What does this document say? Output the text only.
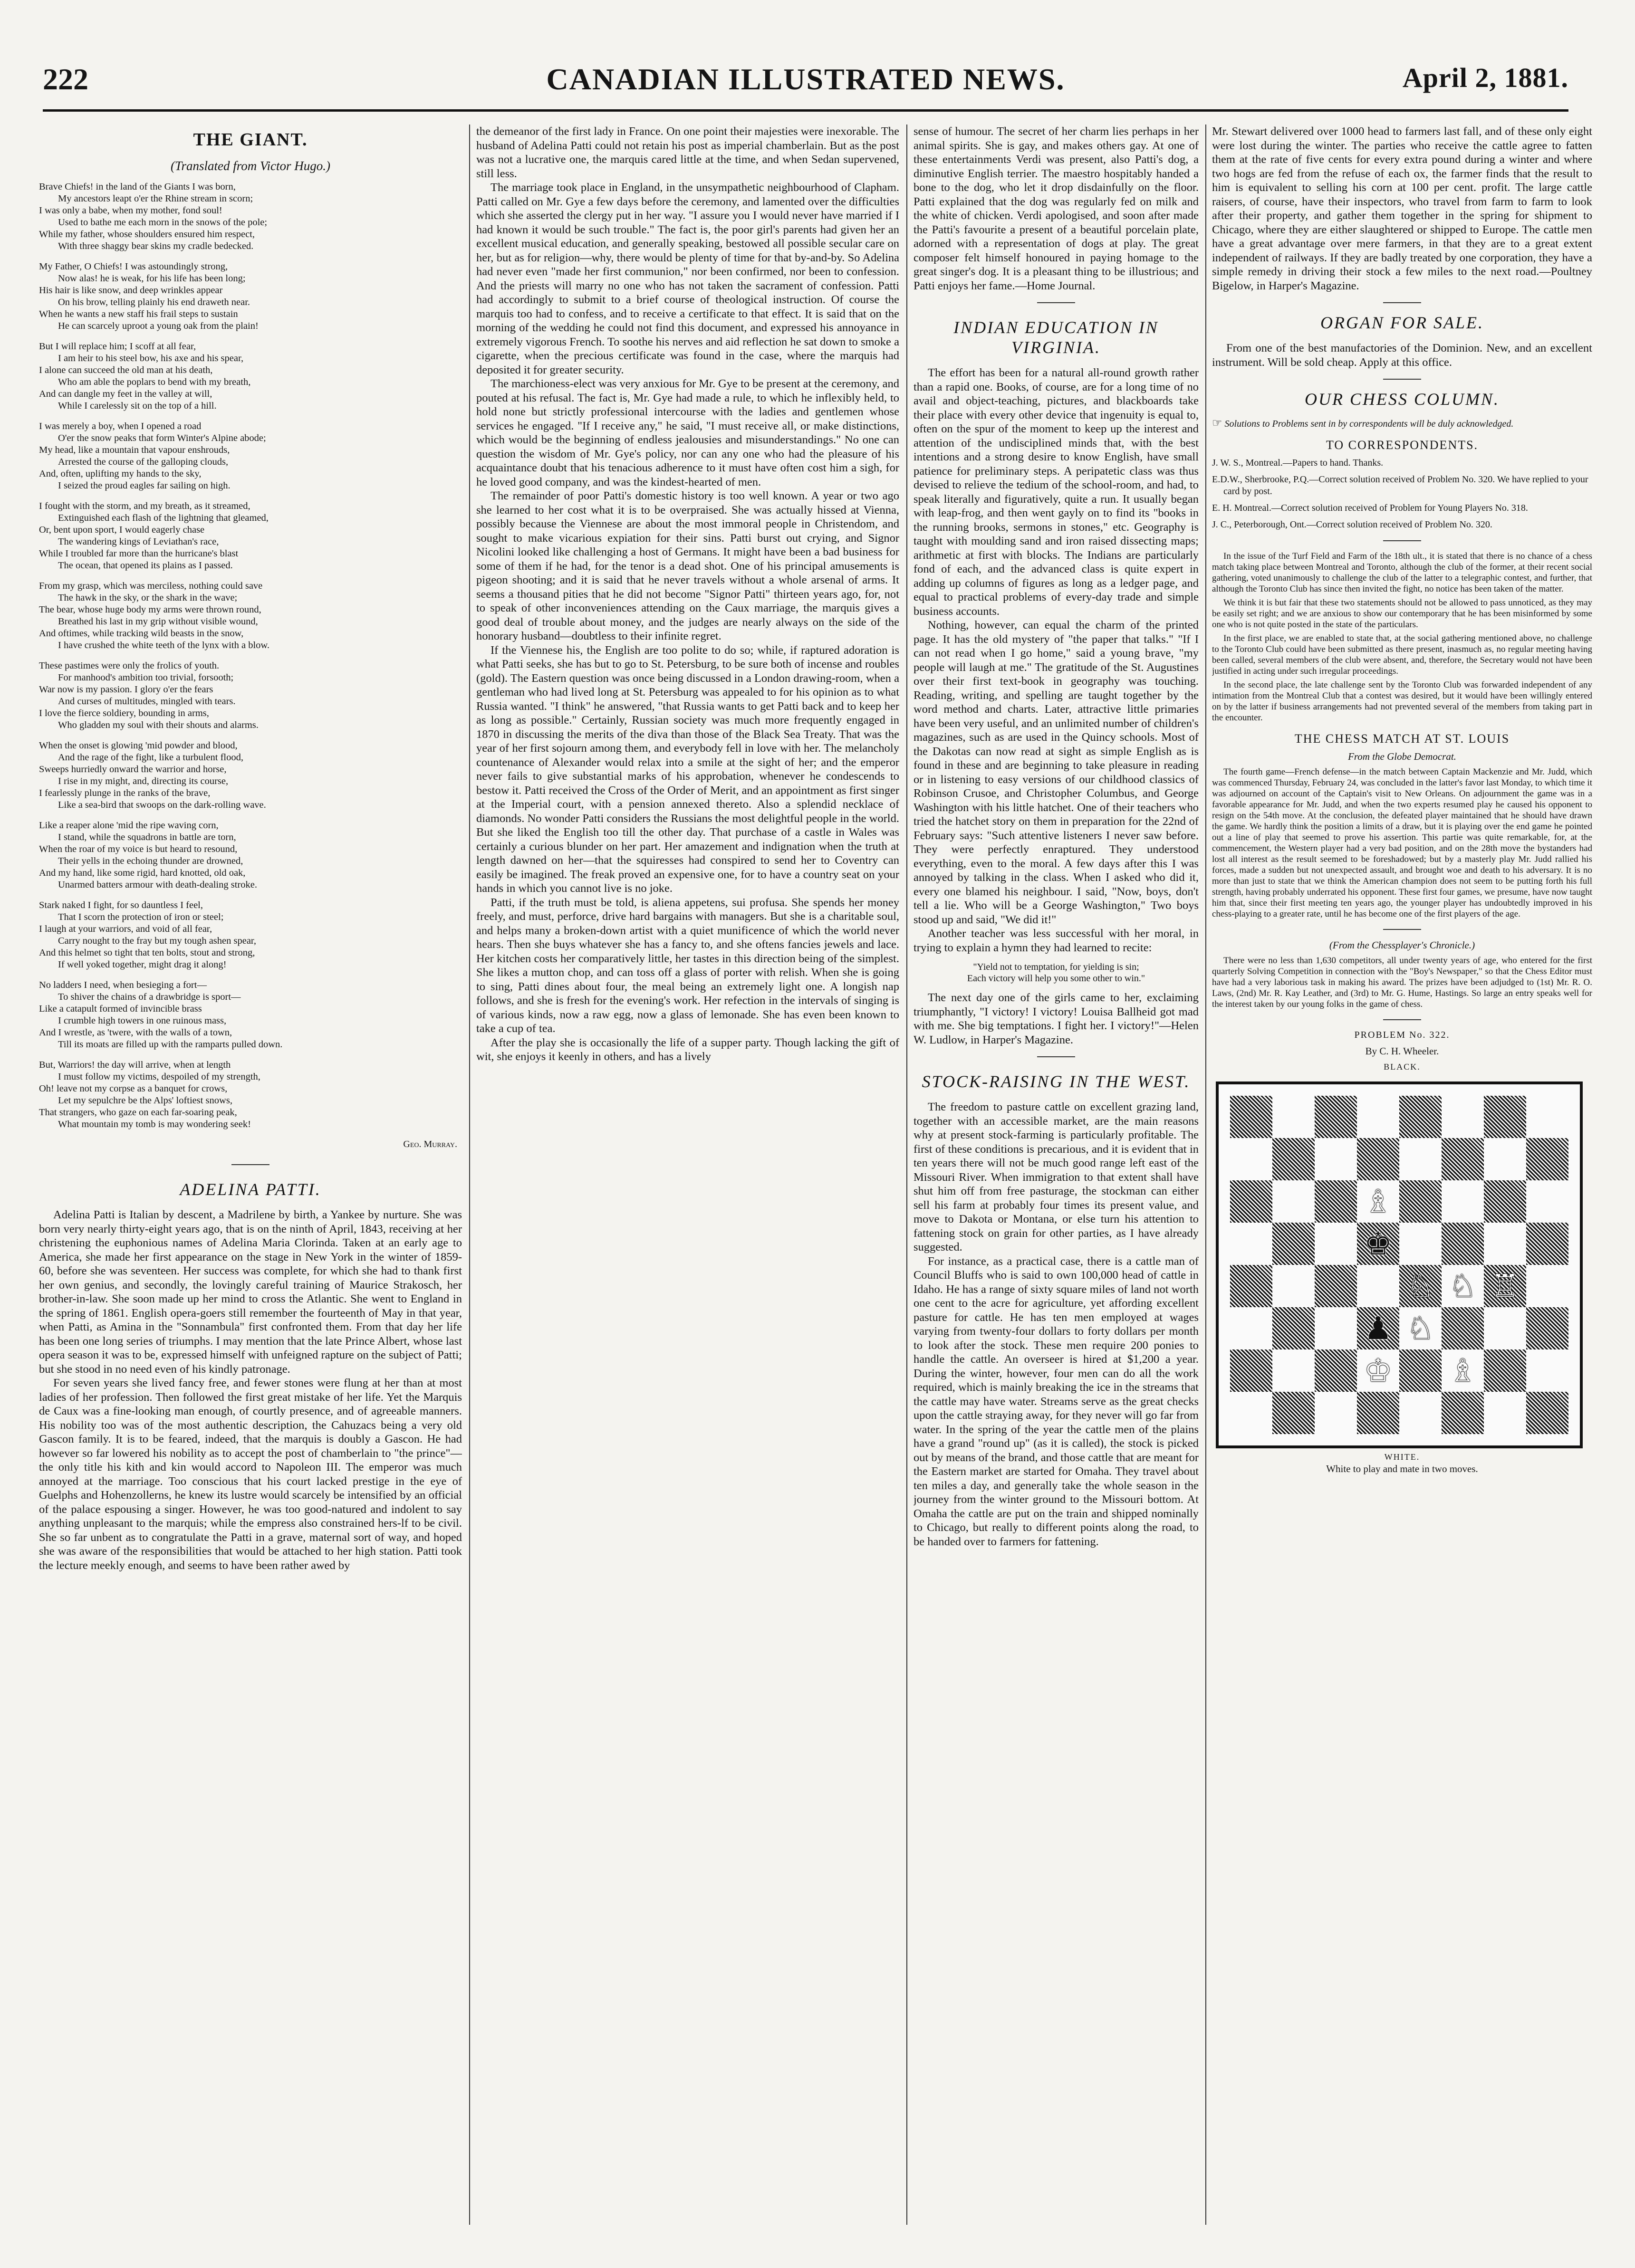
222	CANADIAN ILLUSTRATED NEWS.	April 2, 1881.
THE GIANT.
(Translated from Victor Hugo.)
Brave Chiefs! in the land of the Giants I was born,
My ancestors leapt o'er the Rhine stream in scorn;
I was only a babe, when my mother, fond soul!
Used to bathe me each morn in the snows of the pole;
While my father, whose shoulders ensured him respect,
With three shaggy bear skins my cradle bedecked.
My Father, O Chiefs! I was astoundingly strong,
Now alas! he is weak, for his life has been long;
His hair is like snow, and deep wrinkles appear
On his brow, telling plainly his end draweth near.
When he wants a new staff his frail steps to sustain
He can scarcely uproot a young oak from the plain!
But I will replace him; I scoff at all fear,
I am heir to his steel bow, his axe and his spear,
I alone can succeed the old man at his death,
Who am able the poplars to bend with my breath,
And can dangle my feet in the valley at will,
While I carelessly sit on the top of a hill.
I was merely a boy, when I opened a road
O'er the snow peaks that form Winter's Alpine abode;
My head, like a mountain that vapour enshrouds,
Arrested the course of the galloping clouds,
And, often, uplifting my hands to the sky,
I seized the proud eagles far sailing on high.
I fought with the storm, and my breath, as it streamed,
Extinguished each flash of the lightning that gleamed,
Or, bent upon sport, I would eagerly chase
The wandering kings of Leviathan's race,
While I troubled far more than the hurricane's blast
The ocean, that opened its plains as I passed.
From my grasp, which was merciless, nothing could save
The hawk in the sky, or the shark in the wave;
The bear, whose huge body my arms were thrown round,
Breathed his last in my grip without visible wound,
And oftimes, while tracking wild beasts in the snow,
I have crushed the white teeth of the lynx with a blow.
These pastimes were only the frolics of youth.
For manhood's ambition too trivial, forsooth;
War now is my passion. I glory o'er the fears
And curses of multitudes, mingled with tears.
I love the fierce soldiery, bounding in arms,
Who gladden my soul with their shouts and alarms.
When the onset is glowing 'mid powder and blood,
And the rage of the fight, like a turbulent flood,
Sweeps hurriedly onward the warrior and horse,
I rise in my might, and, directing its course,
I fearlessly plunge in the ranks of the brave,
Like a sea-bird that swoops on the dark-rolling wave.
Like a reaper alone 'mid the ripe waving corn,
I stand, while the squadrons in battle are torn,
When the roar of my voice is but heard to resound,
Their yells in the echoing thunder are drowned,
And my hand, like some rigid, hard knotted, old oak,
Unarmed batters armour with death-dealing stroke.
Stark naked I fight, for so dauntless I feel,
That I scorn the protection of iron or steel;
I laugh at your warriors, and void of all fear,
Carry nought to the fray but my tough ashen spear,
And this helmet so tight that ten bolts, stout and strong,
If well yoked together, might drag it along!
No ladders I need, when besieging a fort—
To shiver the chains of a drawbridge is sport—
Like a catapult formed of invincible brass
I crumble high towers in one ruinous mass,
And I wrestle, as 'twere, with the walls of a town,
Till its moats are filled up with the ramparts pulled down.
But, Warriors! the day will arrive, when at length
I must follow my victims, despoiled of my strength,
Oh! leave not my corpse as a banquet for crows,
Let my sepulchre be the Alps' loftiest snows,
That strangers, who gaze on each far-soaring peak,
What mountain my tomb is may wondering seek!
Geo. Murray.
ADELINA PATTI.

Adelina Patti is Italian by descent, a Madrilene by birth, a Yankee by nurture. She was born very nearly thirty-eight years ago, that is on the ninth of April, 1843, receiving at her christening the euphonious names of Adelina Maria Clorinda. Taken at an early age to America, she made her first appearance on the stage in New York in the winter of 1859-60, before she was seventeen. Her success was complete, for which she had to thank first her own genius, and secondly, the lovingly careful training of Maurice Strakosch, her brother-in-law. She soon made up her mind to cross the Atlantic. She went to England in the spring of 1861. English opera-goers still remember the fourteenth of May in that year, when Patti, as Amina in the "Sonnambula" first confronted them. From that day her life has been one long series of triumphs. I may mention that the late Prince Albert, whose last opera season it was to be, expressed himself with unfeigned rapture on the subject of Patti; but she stood in no need even of his kindly patronage.

For seven years she lived fancy free, and fewer stones were flung at her than at most ladies of her profession. Then followed the first great mistake of her life. Yet the Marquis de Caux was a fine-looking man enough, of courtly presence, and of agreeable manners. His nobility too was of the most authentic description, the Cahuzacs being a very old Gascon family. It is to be feared, indeed, that the marquis is doubly a Gascon. He had however so far lowered his nobility as to accept the post of chamberlain to "the prince"—the only title his kith and kin would accord to Napoleon III. The emperor was much annoyed at the marriage. Too conscious that his court lacked prestige in the eye of Guelphs and Hohenzollerns, he knew its lustre would scarcely be intensified by an official of the palace espousing a singer. However, he was too good-natured and indolent to say anything unpleasant to the marquis; while the empress also constrained hers-lf to be civil. She so far unbent as to congratulate the Patti in a grave, maternal sort of way, and hoped she was aware of the responsibilities that would be attached to her high station. Patti took the lecture meekly enough, and seems to have been rather awed by

the demeanor of the first lady in France. On one point their majesties were inexorable. The husband of Adelina Patti could not retain his post as imperial chamberlain. But as the post was not a lucrative one, the marquis cared little at the time, and when Sedan supervened, still less.

The marriage took place in England, in the unsympathetic neighbourhood of Clapham. Patti called on Mr. Gye a few days before the ceremony, and lamented over the difficulties which she asserted the clergy put in her way. "I assure you I would never have married if I had known it would be such trouble." The fact is, the poor girl's parents had given her an excellent musical education, and generally speaking, bestowed all possible secular care on her, but as for religion—why, there would be plenty of time for that by-and-by. So Adelina had never even "made her first communion," nor been confirmed, nor been to confession. And the priests will marry no one who has not taken the sacrament of confession. Patti had accordingly to submit to a brief course of theological instruction. Of course the marquis too had to confess, and to receive a certificate to that effect. It is said that on the morning of the wedding he could not find this document, and expressed his annoyance in extremely vigorous French. To soothe his nerves and aid reflection he sat down to smoke a cigarette, when the precious certificate was found in the case, where the marquis had deposited it for greater security.

The marchioness-elect was very anxious for Mr. Gye to be present at the ceremony, and pouted at his refusal. The fact is, Mr. Gye had made a rule, to which he inflexibly held, to hold none but strictly professional intercourse with the ladies and gentlemen whose services he engaged. "If I receive any," he said, "I must receive all, or make distinctions, which would be the beginning of endless jealousies and misunderstandings." No one can question the wisdom of Mr. Gye's policy, nor can any one who had the pleasure of his acquaintance doubt that his tenacious adherence to it must have often cost him a sigh, for he loved good company, and was the kindest-hearted of men.

The remainder of poor Patti's domestic history is too well known. A year or two ago she learned to her cost what it is to be overpraised. She was actually hissed at Vienna, possibly because the Viennese are about the most immoral people in Christendom, and sought to make vicarious expiation for their sins. Patti burst out crying, and Signor Nicolini looked like challenging a host of Germans. It might have been a bad business for some of them if he had, for the tenor is a dead shot. One of his principal amusements is pigeon shooting; and it is said that he never travels without a whole arsenal of arms. It seems a thousand pities that he did not become "Signor Patti" thirteen years ago, for, not to speak of other inconveniences attending on the Caux marriage, the marquis gives a good deal of trouble about money, and the judges are nearly always on the side of the honorary husband—doubtless to their infinite regret.

If the Viennese his, the English are too polite to do so; while, if raptured adoration is what Patti seeks, she has but to go to St. Petersburg, to be sure both of incense and roubles (gold). The Eastern question was once being discussed in a London drawing-room, when a gentleman who had lived long at St. Petersburg was appealed to for his opinion as to what Russia wanted. "I think" he answered, "that Russia wants to get Patti back and to keep her as long as possible." Certainly, Russian society was much more frequently engaged in 1870 in discussing the merits of the diva than those of the Black Sea Treaty. That was the year of her first sojourn among them, and everybody fell in love with her. The melancholy countenance of Alexander would relax into a smile at the sight of her; and the emperor never fails to give substantial marks of his approbation, whenever he condescends to bestow it. Patti received the Cross of the Order of Merit, and an appointment as first singer at the Imperial court, with a pension annexed thereto. Also a splendid necklace of diamonds. No wonder Patti considers the Russians the most delightful people in the world. But she liked the English too till the other day. That purchase of a castle in Wales was certainly a curious blunder on her part. Her amazement and indignation when the truth at length dawned on her—that the squiresses had conspired to send her to Coventry can easily be imagined. The freak proved an expensive one, for to have a country seat on your hands in which you cannot live is no joke.

Patti, if the truth must be told, is aliena appetens, sui profusa. She spends her money freely, and must, perforce, drive hard bargains with managers. But she is a charitable soul, and helps many a broken-down artist with a quiet munificence of which the world never hears. Then she buys whatever she has a fancy to, and she oftens fancies jewels and lace. Her kitchen costs her comparatively little, her tastes in this direction being of the simplest. She likes a mutton chop, and can toss off a glass of porter with relish. When she is going to sing, Patti dines about four, the meal being an extremely light one. A longish nap follows, and she is fresh for the evening's work. Her refection in the intervals of singing is of various kinds, now a raw egg, now a glass of lemonade. She has even been known to take a cup of tea.

After the play she is occasionally the life of a supper party. Though lacking the gift of wit, she enjoys it keenly in others, and has a lively

sense of humour. The secret of her charm lies perhaps in her animal spirits. She is gay, and makes others gay. At one of these entertainments Verdi was present, also Patti's dog, a diminutive English terrier. The maestro hospitably handed a bone to the dog, who let it drop disdainfully on the floor. Patti explained that the dog was regularly fed on milk and the white of chicken. Verdi apologised, and soon after made the Patti's favourite a present of a beautiful porcelain plate, adorned with a representation of dogs at play. The great composer felt himself honoured in paying homage to the great singer's dog. It is a pleasant thing to be illustrious; and Patti enjoys her fame.—Home Journal.

INDIAN EDUCATION IN VIRGINIA.

The effort has been for a natural all-round growth rather than a rapid one. Books, of course, are for a long time of no avail and object-teaching, pictures, and blackboards take their place with every other device that ingenuity is equal to, often on the spur of the moment to keep up the interest and attention of the undisciplined minds that, with the best intentions and a strong desire to know English, have small patience for preliminary steps. A peripatetic class was thus devised to relieve the tedium of the school-room, and had, to speak literally and figuratively, quite a run. It usually began with leap-frog, and then went gayly on to find its "books in the running brooks, sermons in stones," etc. Geography is taught with moulding sand and iron raised dissecting maps; arithmetic at first with blocks. The Indians are particularly fond of each, and the advanced class is quite expert in adding up columns of figures as long as a ledger page, and equal to practical problems of every-day trade and simple business accounts.

Nothing, however, can equal the charm of the printed page. It has the old mystery of "the paper that talks." "If I can not read when I go home," said a young brave, "my people will laugh at me." The gratitude of the St. Augustines over their first text-book in geography was touching. Reading, writing, and spelling are taught together by the word method and charts. Later, attractive little primaries have been very useful, and an unlimited number of children's magazines, such as are used in the Quincy schools. Most of the Dakotas can now read at sight as simple English as is found in these and are beginning to take pleasure in reading or in listening to easy versions of our childhood classics of Robinson Crusoe, and Christopher Columbus, and George Washington with his little hatchet. One of their teachers who tried the hatchet story on them in preparation for the 22nd of February says: "Such attentive listeners I never saw before. They were perfectly enraptured. They understood everything, even to the moral. A few days after this I was annoyed by talking in the class. When I asked who did it, every one blamed his neighbour. I said, "Now, boys, don't tell a lie. Who will be a George Washington," Two boys stood up and said, "We did it!"

Another teacher was less successful with her moral, in trying to explain a hymn they had learned to recite:

"Yield not to temptation, for yielding is sin;
Each victory will help you some other to win."

The next day one of the girls came to her, exclaiming triumphantly, "I victory! I victory! Louisa Ballheid got mad with me. She big temptations. I fight her. I victory!"—Helen W. Ludlow, in Harper's Magazine.

STOCK-RAISING IN THE WEST.

The freedom to pasture cattle on excellent grazing land, together with an accessible market, are the main reasons why at present stock-farming is particularly profitable. The first of these conditions is precarious, and it is evident that in ten years there will not be much good range left east of the Missouri River. When immigration to that extent shall have shut him off from free pasturage, the stockman can either sell his farm at probably four times its present value, and move to Dakota or Montana, or else turn his attention to fattening stock on grain for other parties, as I have already suggested.

For instance, as a practical case, there is a cattle man of Council Bluffs who is said to own 100,000 head of cattle in Idaho. He has a range of sixty square miles of land not worth one cent to the acre for agriculture, yet affording excellent pasture for cattle. He has ten men employed at wages varying from twenty-four dollars to forty dollars per month to look after the stock. These men require 200 ponies to handle the cattle. An overseer is hired at $1,200 a year. During the winter, however, four men can do all the work required, which is mainly breaking the ice in the streams that the cattle may have water. Streams serve as the great checks upon the cattle straying away, for they never will go far from water. In the spring of the year the cattle men of the plains have a grand "round up" (as it is called), the stock is picked out by means of the brand, and those cattle that are meant for the Eastern market are started for Omaha. They travel about ten miles a day, and generally take the whole season in the journey from the winter ground to the Missouri bottom. At Omaha the cattle are put on the train and shipped nominally to Chicago, but really to different points along the road, to be handed over to farmers for fattening.

Mr. Stewart delivered over 1000 head to farmers last fall, and of these only eight were lost during the winter. The parties who receive the cattle agree to fatten them at the rate of five cents for every extra pound during a winter and where two hogs are fed from the refuse of each ox, the farmer finds that the result to him is equivalent to selling his corn at 100 per cent. profit. The large cattle raisers, of course, have their inspectors, who travel from farm to farm to look after their property, and gather them together in the spring for shipment to Chicago, where they are either slaughtered or shipped to Europe. The cattle men have a great advantage over mere farmers, in that they are to a great extent independent of railways. If they are badly treated by one corporation, they have a simple remedy in driving their stock a few miles to the next road.—Poultney Bigelow, in Harper's Magazine.

ORGAN FOR SALE.

From one of the best manufactories of the Dominion. New, and an excellent instrument. Will be sold cheap. Apply at this office.

OUR CHESS COLUMN.
☞ Solutions to Problems sent in by correspondents will be duly acknowledged.
TO CORRESPONDENTS.
J. W. S., Montreal.—Papers to hand. Thanks.
E.D.W., Sherbrooke, P.Q.—Correct solution received of Problem No. 320. We have replied to your card by post.
E. H. Montreal.—Correct solution received of Problem for Young Players No. 318.
J. C., Peterborough, Ont.—Correct solution received of Problem No. 320.

In the issue of the Turf Field and Farm of the 18th ult., it is stated that there is no chance of a chess match taking place between Montreal and Toronto, although the club of the former, at their recent social gathering, voted unanimously to challenge the club of the latter to a telegraphic contest, and further, that although the Toronto Club has since then invited the fight, no notice has been taken of the matter.

We think it is but fair that these two statements should not be allowed to pass unnoticed, as they may be easily set right; and we are anxious to show our contemporary that he has been misinformed by some one who is not quite posted in the state of the particulars.

In the first place, we are enabled to state that, at the social gathering mentioned above, no challenge to the Toronto Club could have been submitted as there present, inasmuch as, no regular meeting having been called, several members of the club were absent, and, therefore, the Secretary would not have been justified in acting under such irregular proceedings.

In the second place, the late challenge sent by the Toronto Club was forwarded independent of any intimation from the Montreal Club that a contest was desired, but it would have been willingly entered on by the latter if business arrangements had not prevented several of the members from taking part in the encounter.

THE CHESS MATCH AT ST. LOUIS
From the Globe Democrat.

The fourth game—French defense—in the match between Captain Mackenzie and Mr. Judd, which was commenced Thursday, February 24, was concluded in the latter's favor last Monday, to which time it was adjourned on account of the Captain's visit to New Orleans. On adjournment the game was in a favorable appearance for Mr. Judd, and when the two experts resumed play he caused his opponent to resign on the 54th move. At the conclusion, the defeated player maintained that he should have drawn the game. We hardly think the position a limits of a draw, but it is playing over the end game he pointed out a line of play that seemed to prove his assertion. This partie was quite remarkable, for, at the commencement, the Western player had a very bad position, and on the 28th move the bystanders had lost all interest as the result seemed to be foreshadowed; but by a masterly play Mr. Judd rallied his forces, made a sudden but not unexpected assault, and brought woe and death to his adversary. It is no more than just to state that we think the American champion does not seem to be putting forth his full strength, having probably underrated his opponent. These first four games, we presume, have now taught him that, since their first meeting ten years ago, the younger player has undoubtedly improved in his chess-playing to a greater rate, until he has become one of the first players of the age.

(From the Chessplayer's Chronicle.)

There were no less than 1,630 competitors, all under twenty years of age, who entered for the first quarterly Solving Competition in connection with the "Boy's Newspaper," so that the Chess Editor must have had a very laborious task in making his award. The prizes have been adjudged to (1st) Mr. R. O. Laws, (2nd) Mr. R. Kay Leather, and (3rd) to Mr. G. Hume, Hastings. So large an entry speaks well for the interest taken by our young folks in the game of chess.

PROBLEM No. 322.
By C. H. Wheeler.
BLACK.
♗
♚
♘ ♘ ♖
♟ ♘
♔ ♗
WHITE.
White to play and mate in two moves.
